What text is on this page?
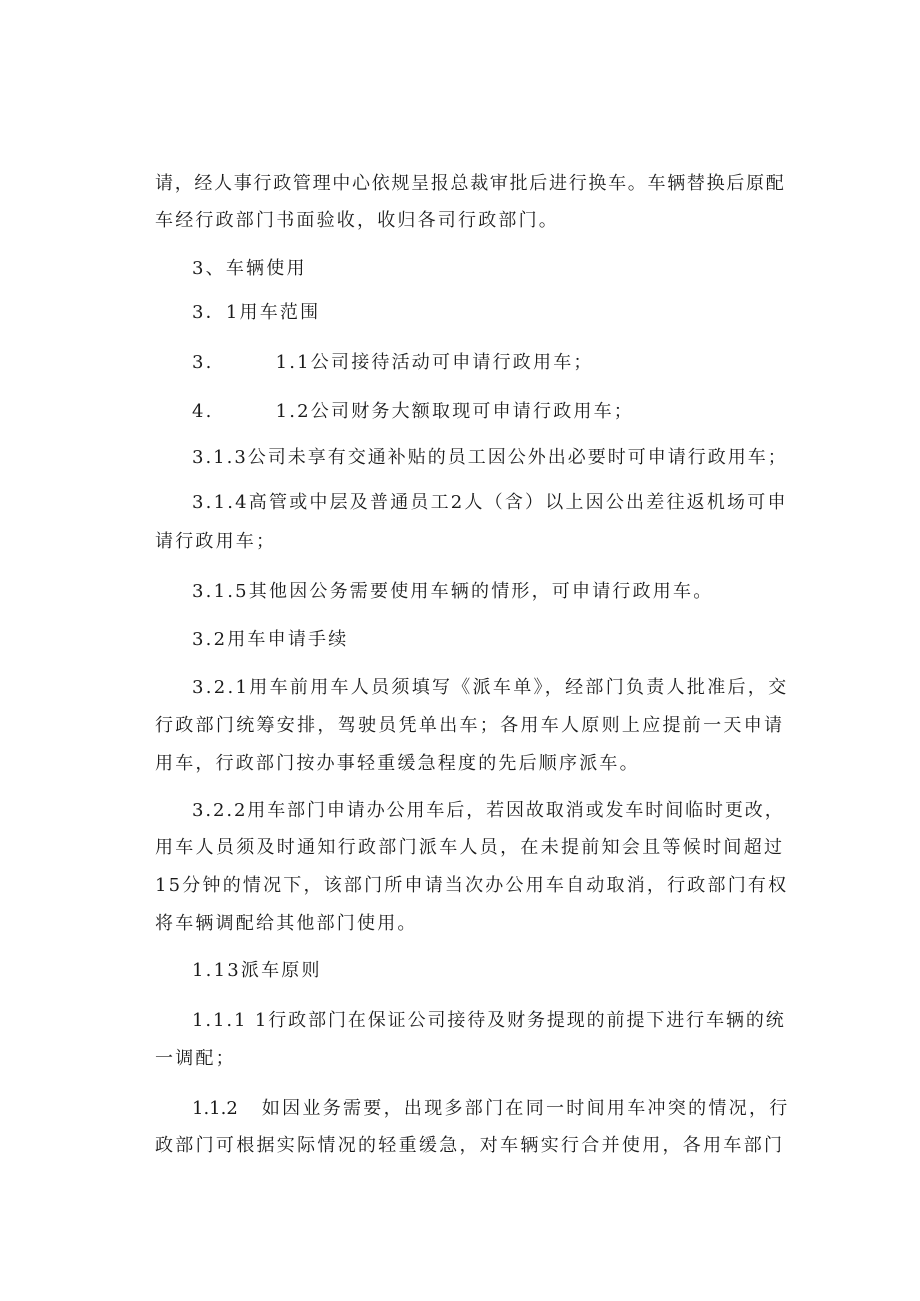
请，经人事行政管理中心依规呈报总裁审批后进行换车。车辆替换后原配
车经行政部门书面验收，收归各司行政部门。
3、车辆使用
3．1用车范围
3.	1.1公司接待活动可申请行政用车；
4.	1.2公司财务大额取现可申请行政用车；
3.1.3公司未享有交通补贴的员工因公外出必要时可申请行政用车；
3.1.4高管或中层及普通员工2人（含）以上因公出差往返机场可申
请行政用车；
3.1.5其他因公务需要使用车辆的情形，可申请行政用车。
3.2用车申请手续
3.2.1用车前用车人员须填写《派车单》，经部门负责人批准后，交
行政部门统筹安排，驾驶员凭单出车；各用车人原则上应提前一天申请
用车，行政部门按办事轻重缓急程度的先后顺序派车。
3.2.2用车部门申请办公用车后，若因故取消或发车时间临时更改，
用车人员须及时通知行政部门派车人员，在未提前知会且等候时间超过
15分钟的情况下，该部门所申请当次办公用车自动取消，行政部门有权
将车辆调配给其他部门使用。
1.13派车原则
1.1.1 1行政部门在保证公司接待及财务提现的前提下进行车辆的统
一调配；
1.1.2 如因业务需要，出现多部门在同一时间用车冲突的情况，行
政部门可根据实际情况的轻重缓急，对车辆实行合并使用，各用车部门
